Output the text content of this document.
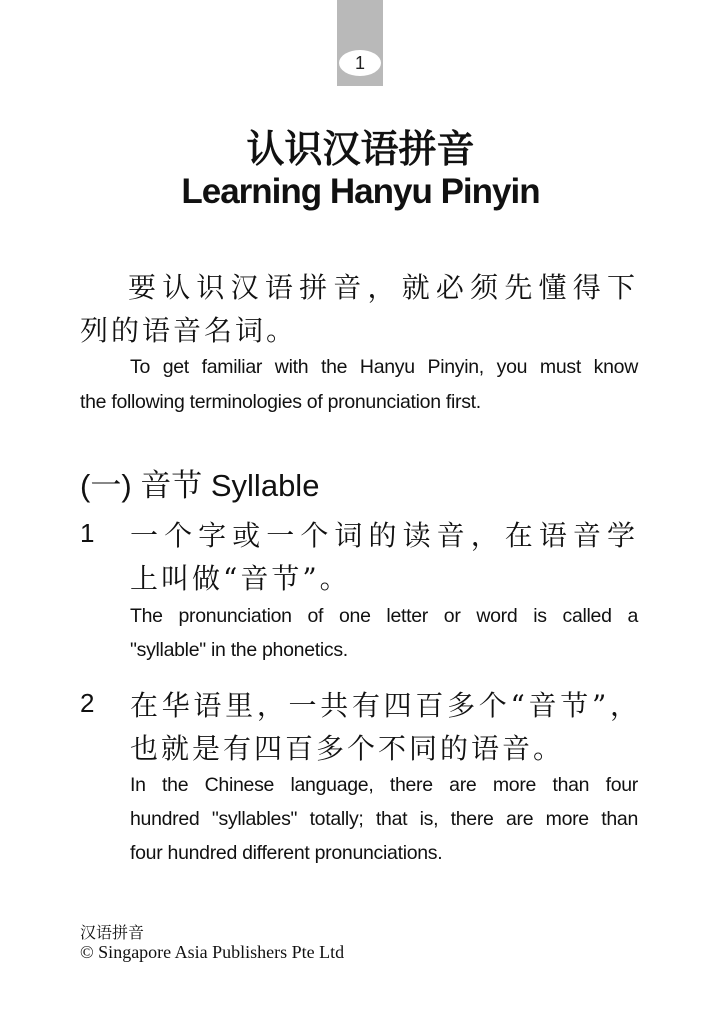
1
认识汉语拼音
Learning Hanyu Pinyin
要认识汉语拼音，就必须先懂得下
列的语音名词。
To get familiar with the Hanyu Pinyin, you must know
the following terminologies of pronunciation first.
(一) 音节 Syllable
1 一个字或一个词的读音，在语音学
上叫做“音节”。
The pronunciation of one letter or word is called a
"syllable" in the phonetics.
2 在华语里，一共有四百多个“音节”，
也就是有四百多个不同的语音。
In the Chinese language, there are more than four
hundred "syllables" totally; that is, there are more than
four hundred different pronunciations.
汉语拼音
© Singapore Asia Publishers Pte Ltd
